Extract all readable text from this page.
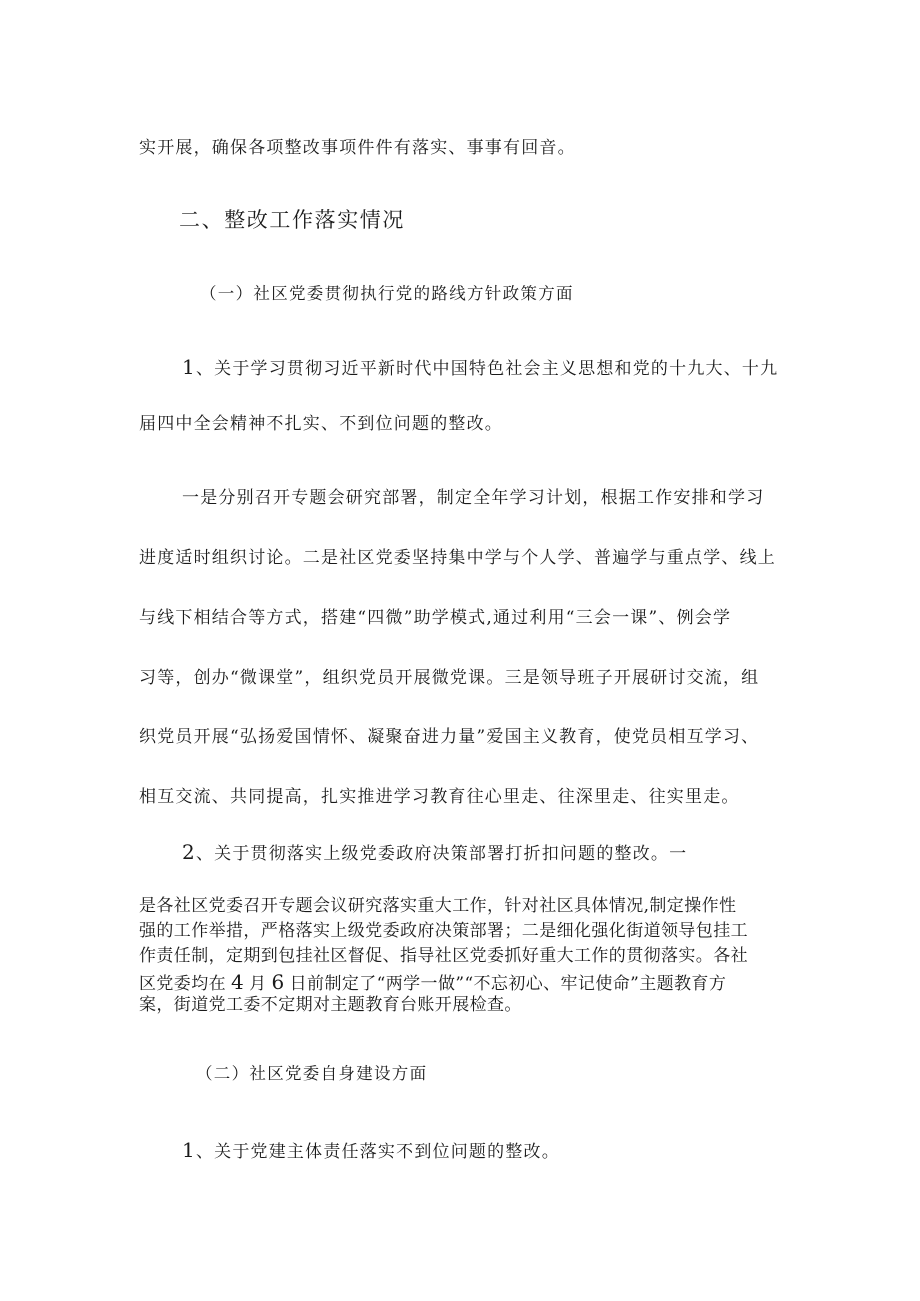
实开展，确保各项整改事项件件有落实、事事有回音。
二、整改工作落实情况
（一）社区党委贯彻执行党的路线方针政策方面
1、关于学习贯彻习近平新时代中国特色社会主义思想和党的十九大、十九
届四中全会精神不扎实、不到位问题的整改。
一是分别召开专题会研究部署，制定全年学习计划，根据工作安排和学习
进度适时组织讨论。二是社区党委坚持集中学与个人学、普遍学与重点学、线上
与线下相结合等方式，搭建“四微”助学模式,通过利用“三会一课”、例会学
习等，创办“微课堂”，组织党员开展微党课。三是领导班子开展研讨交流，组
织党员开展“弘扬爱国情怀、凝聚奋进力量”爱国主义教育，使党员相互学习、
相互交流、共同提高，扎实推进学习教育往心里走、往深里走、往实里走。
2、关于贯彻落实上级党委政府决策部署打折扣问题的整改。一
是各社区党委召开专题会议研究落实重大工作，针对社区具体情况,制定操作性
强的工作举措，严格落实上级党委政府决策部署；二是细化强化街道领导包挂工
作责任制，定期到包挂社区督促、指导社区党委抓好重大工作的贯彻落实。各社
区党委均在 4 月 6 日前制定了“两学一做”“不忘初心、牢记使命”主题教育方
案，街道党工委不定期对主题教育台账开展检查。
（二）社区党委自身建设方面
1、关于党建主体责任落实不到位问题的整改。
